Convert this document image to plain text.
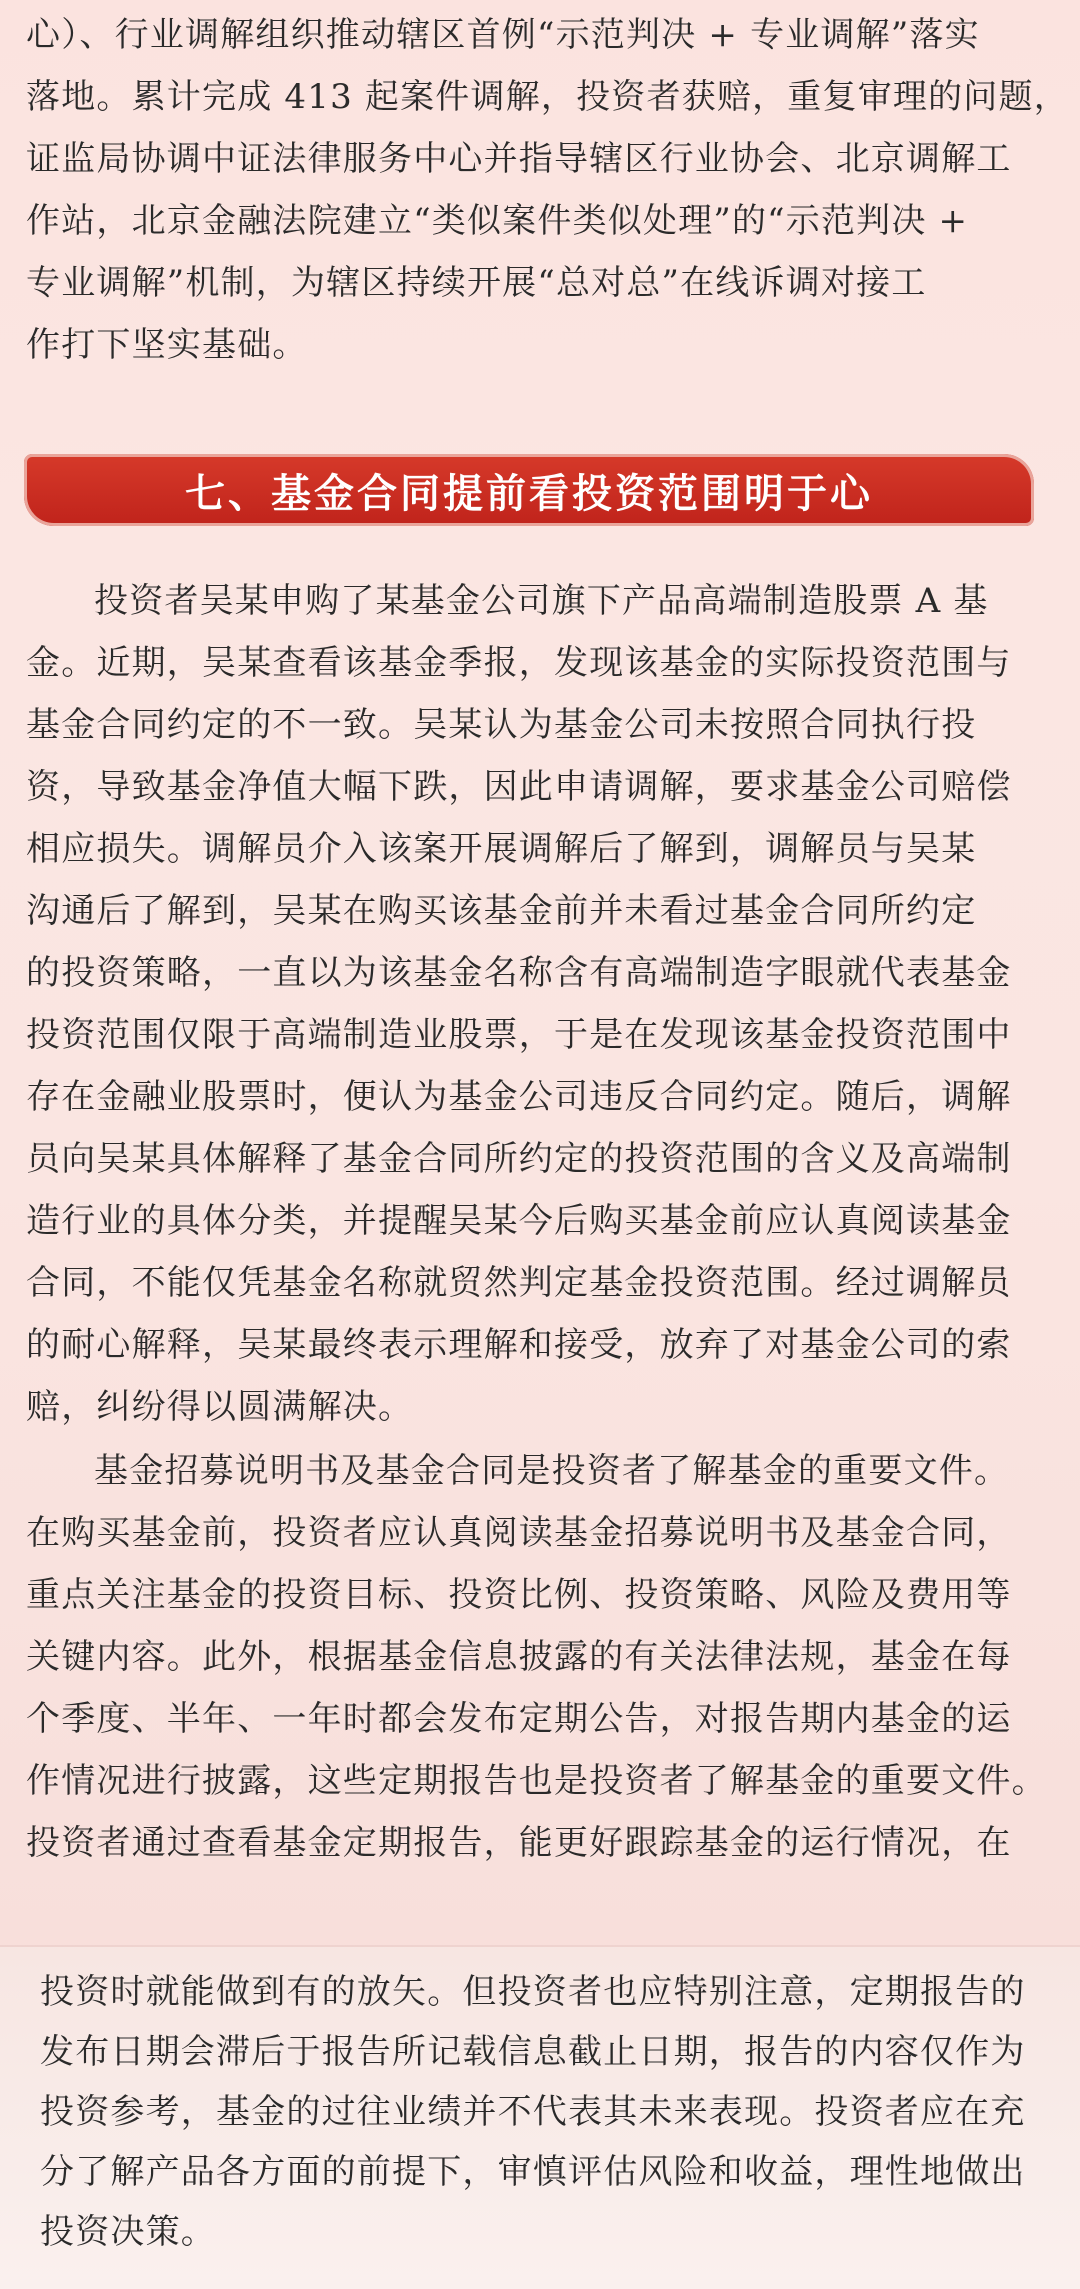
心）、行业调解组织推动辖区首例“示范判决 + 专业调解”落实
落地。累计完成 413 起案件调解，投资者获赔，重复审理的问题，
证监局协调中证法律服务中心并指导辖区行业协会、北京调解工
作站，北京金融法院建立“类似案件类似处理”的“示范判决 +
专业调解”机制，为辖区持续开展“总对总”在线诉调对接工
作打下坚实基础。
七、基金合同提前看投资范围明于心
投资者吴某申购了某基金公司旗下产品高端制造股票 A 基
金。近期，吴某查看该基金季报，发现该基金的实际投资范围与
基金合同约定的不一致。吴某认为基金公司未按照合同执行投
资，导致基金净值大幅下跌，因此申请调解，要求基金公司赔偿
相应损失。调解员介入该案开展调解后了解到，调解员与吴某
沟通后了解到，吴某在购买该基金前并未看过基金合同所约定
的投资策略，一直以为该基金名称含有高端制造字眼就代表基金
投资范围仅限于高端制造业股票，于是在发现该基金投资范围中
存在金融业股票时，便认为基金公司违反合同约定。随后，调解
员向吴某具体解释了基金合同所约定的投资范围的含义及高端制
造行业的具体分类，并提醒吴某今后购买基金前应认真阅读基金
合同，不能仅凭基金名称就贸然判定基金投资范围。经过调解员
的耐心解释，吴某最终表示理解和接受，放弃了对基金公司的索
赔，纠纷得以圆满解决。
基金招募说明书及基金合同是投资者了解基金的重要文件。
在购买基金前，投资者应认真阅读基金招募说明书及基金合同，
重点关注基金的投资目标、投资比例、投资策略、风险及费用等
关键内容。此外，根据基金信息披露的有关法律法规，基金在每
个季度、半年、一年时都会发布定期公告，对报告期内基金的运
作情况进行披露，这些定期报告也是投资者了解基金的重要文件。
投资者通过查看基金定期报告，能更好跟踪基金的运行情况，在
投资时就能做到有的放矢。但投资者也应特别注意，定期报告的
发布日期会滞后于报告所记载信息截止日期，报告的内容仅作为
投资参考，基金的过往业绩并不代表其未来表现。投资者应在充
分了解产品各方面的前提下，审慎评估风险和收益，理性地做出
投资决策。
